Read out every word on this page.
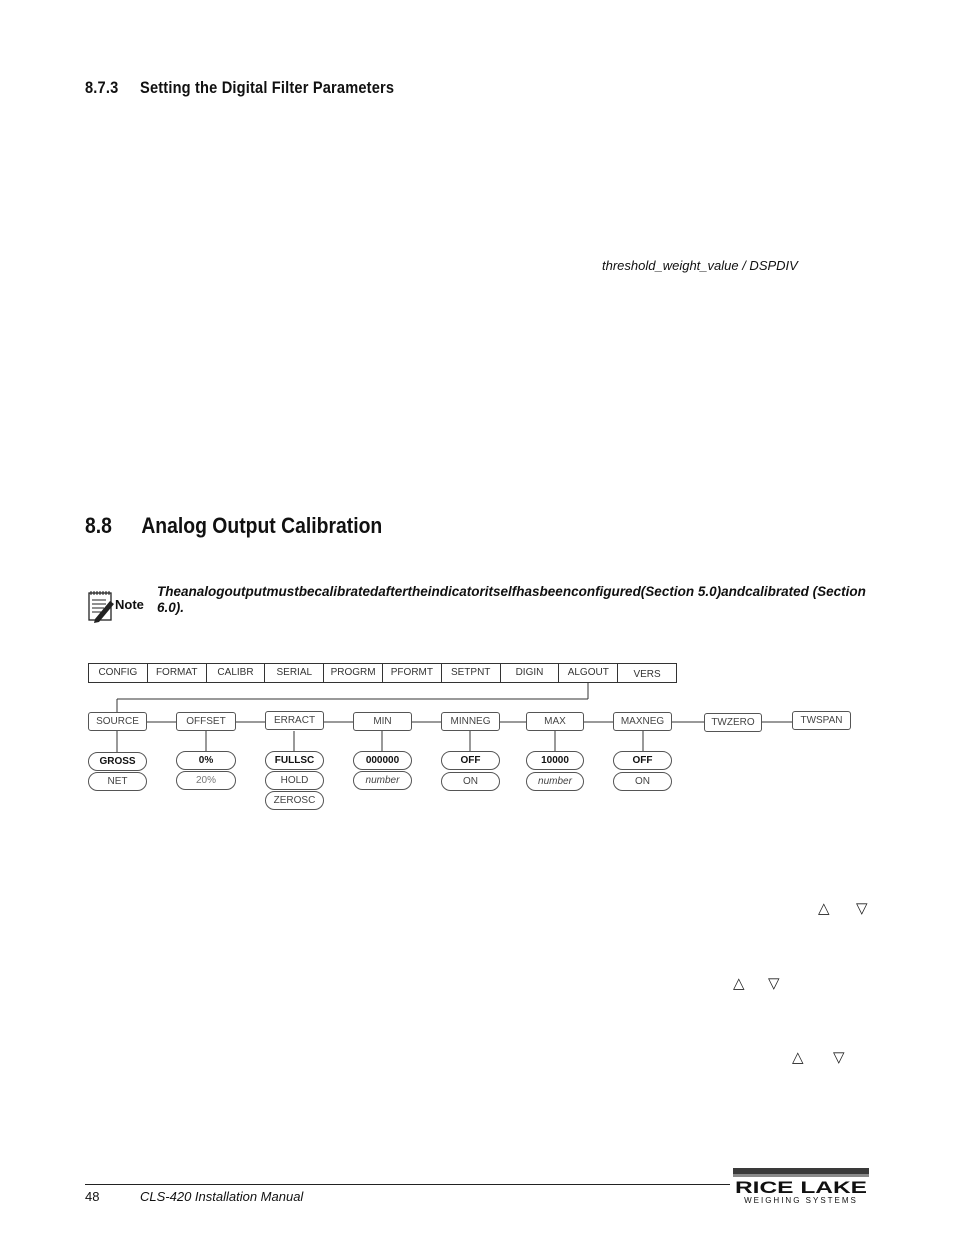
8.7.3 Setting the Digital Filter Parameters
threshold_weight_value / DSPDIV
8.8 Analog Output Calibration
Note
Theanalogoutputmustbecalibratedaftertheindicatoritselfhasbeenconfigured(Section 5.0)andcalibrated (Section 6.0).
CONFIG	FORMAT	CALIBR	SERIAL	PROGRM	PFORMT	SETPNT	DIGIN	ALGOUT	VERS
SOURCE	OFFSET	ERRACT	MIN	MINNEG	MAX	MAXNEG	TWZERO	TWSPAN
GROSS
NET
0%
20%
FULLSC
HOLD
ZEROSC
000000
number
OFF
ON
10000
number
OFF
ON
△ ▽
△ ▽
△ ▽
48	CLS-420 Installation Manual	RICE LAKE
WEIGHING SYSTEMS
